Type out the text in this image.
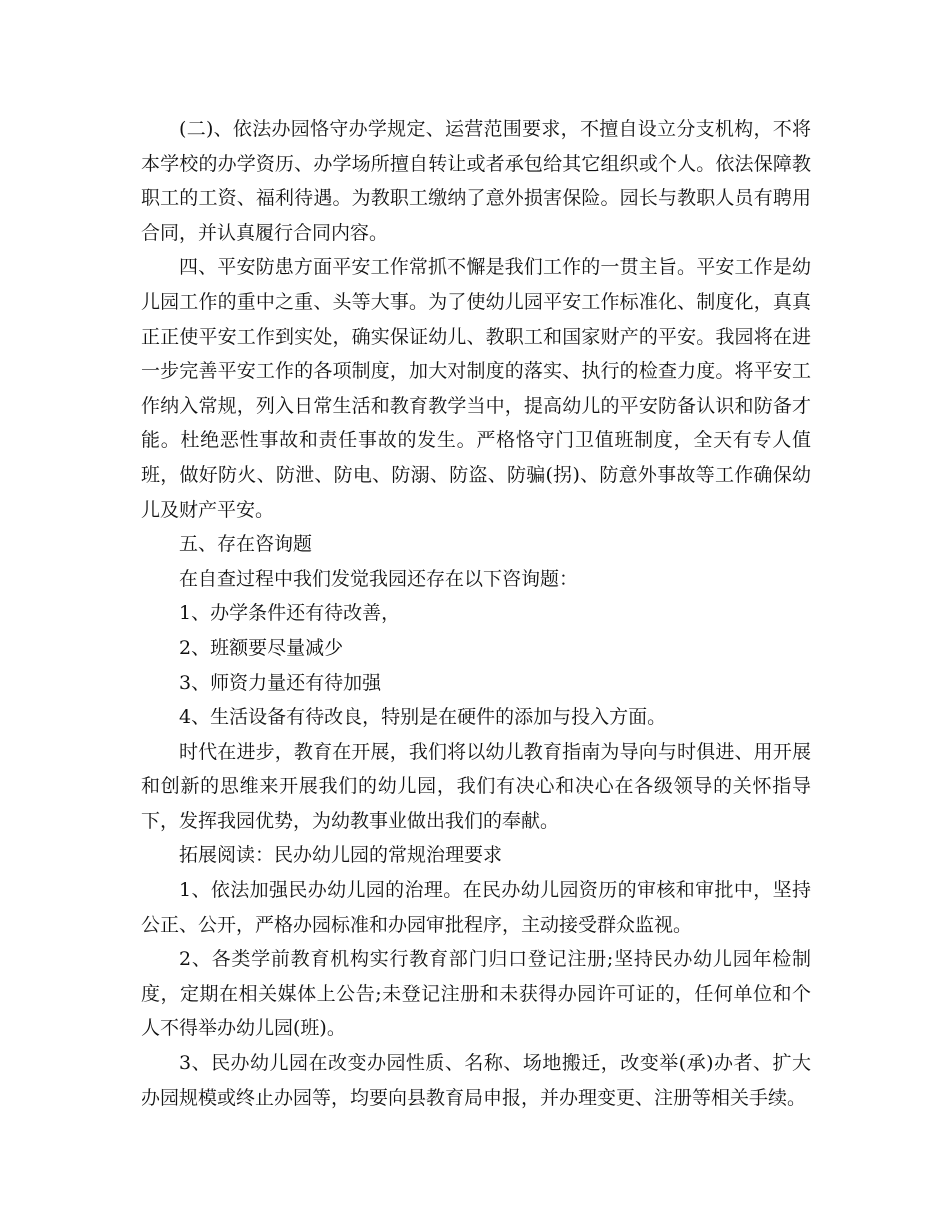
(二)、依法办园恪守办学规定、运营范围要求，不擅自设立分支机构，不将本学校的办学资历、办学场所擅自转让或者承包给其它组织或个人。依法保障教职工的工资、福利待遇。为教职工缴纳了意外损害保险。园长与教职人员有聘用合同，并认真履行合同内容。

四、平安防患方面平安工作常抓不懈是我们工作的一贯主旨。平安工作是幼儿园工作的重中之重、头等大事。为了使幼儿园平安工作标准化、制度化，真真正正使平安工作到实处，确实保证幼儿、教职工和国家财产的平安。我园将在进一步完善平安工作的各项制度，加大对制度的落实、执行的检查力度。将平安工作纳入常规，列入日常生活和教育教学当中，提高幼儿的平安防备认识和防备才能。杜绝恶性事故和责任事故的发生。严格恪守门卫值班制度，全天有专人值班，做好防火、防泄、防电、防溺、防盗、防骗(拐)、防意外事故等工作确保幼儿及财产平安。

五、存在咨询题

在自查过程中我们发觉我园还存在以下咨询题：

1、办学条件还有待改善，

2、班额要尽量减少

3、师资力量还有待加强

4、生活设备有待改良，特别是在硬件的添加与投入方面。

时代在进步，教育在开展，我们将以幼儿教育指南为导向与时俱进、用开展和创新的思维来开展我们的幼儿园，我们有决心和决心在各级领导的关怀指导下，发挥我园优势，为幼教事业做出我们的奉献。

拓展阅读：民办幼儿园的常规治理要求

1、依法加强民办幼儿园的治理。在民办幼儿园资历的审核和审批中，坚持公正、公开，严格办园标准和办园审批程序，主动接受群众监视。

2、各类学前教育机构实行教育部门归口登记注册;坚持民办幼儿园年检制度，定期在相关媒体上公告;未登记注册和未获得办园许可证的，任何单位和个人不得举办幼儿园(班)。

3、民办幼儿园在改变办园性质、名称、场地搬迁，改变举(承)办者、扩大办园规模或终止办园等，均要向县教育局申报，并办理变更、注册等相关手续。
